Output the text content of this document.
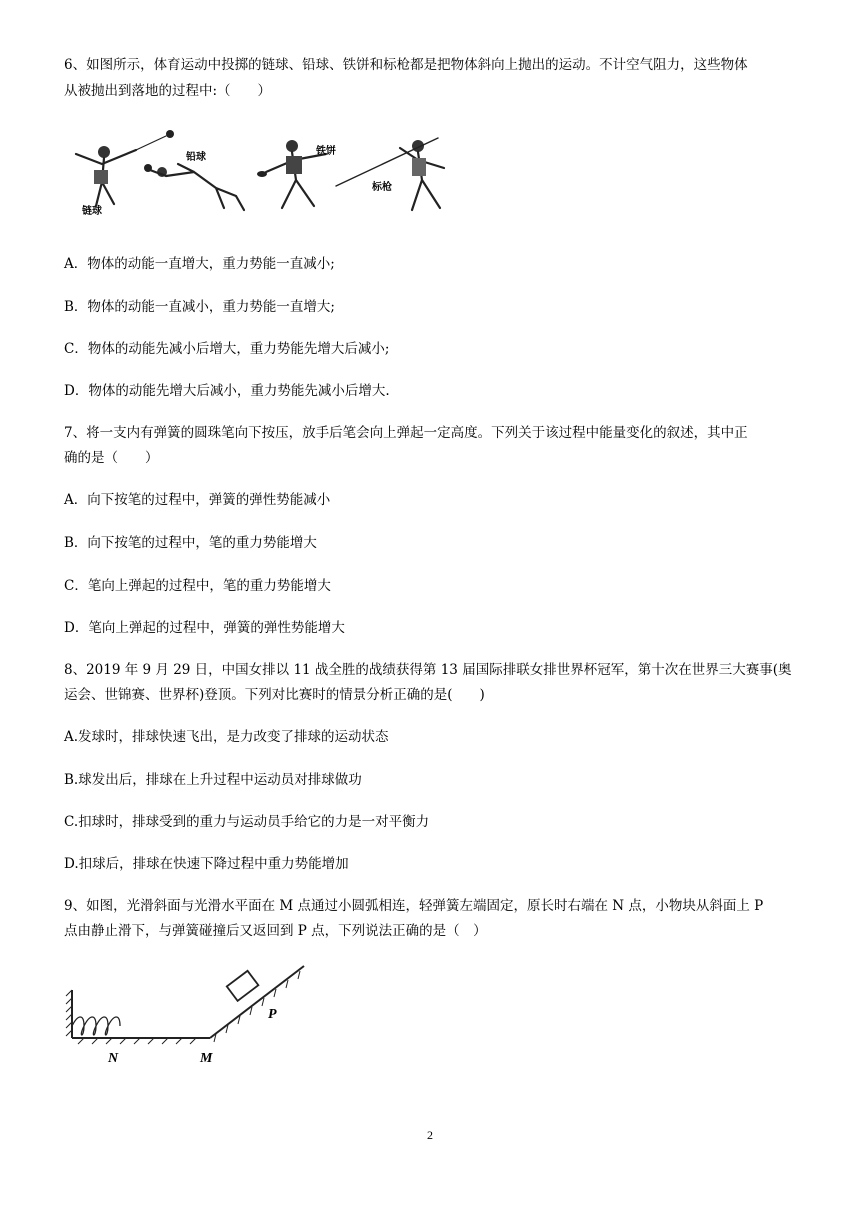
6、如图所示，体育运动中投掷的链球、铅球、铁饼和标枪都是把物体斜向上抛出的运动。不计空气阻力，这些物体
从被抛出到落地的过程中:（　　）
链球
铅球
铁饼
标枪
A．物体的动能一直增大，重力势能一直减小;
B．物体的动能一直减小，重力势能一直增大;
C．物体的动能先减小后增大，重力势能先增大后减小;
D．物体的动能先增大后减小，重力势能先减小后增大.
7、将一支内有弹簧的圆珠笔向下按压，放手后笔会向上弹起一定高度。下列关于该过程中能量变化的叙述，其中正
确的是（　　）
A．向下按笔的过程中，弹簧的弹性势能减小
B．向下按笔的过程中，笔的重力势能增大
C．笔向上弹起的过程中，笔的重力势能增大
D．笔向上弹起的过程中，弹簧的弹性势能增大
8、2019 年 9 月 29 日，中国女排以 11 战全胜的战绩获得第 13 届国际排联女排世界杯冠军，第十次在世界三大赛事(奥
运会、世锦赛、世界杯)登顶。下列对比赛时的情景分析正确的是(　　)
A.发球时，排球快速飞出，是力改变了排球的运动状态
B.球发出后，排球在上升过程中运动员对排球做功
C.扣球时，排球受到的重力与运动员手给它的力是一对平衡力
D.扣球后，排球在快速下降过程中重力势能增加
9、如图，光滑斜面与光滑水平面在 M 点通过小圆弧相连，轻弹簧左端固定，原长时右端在 N 点，小物块从斜面上 P
点由静止滑下，与弹簧碰撞后又返回到 P 点，下列说法正确的是（　）
N	M
P
2
